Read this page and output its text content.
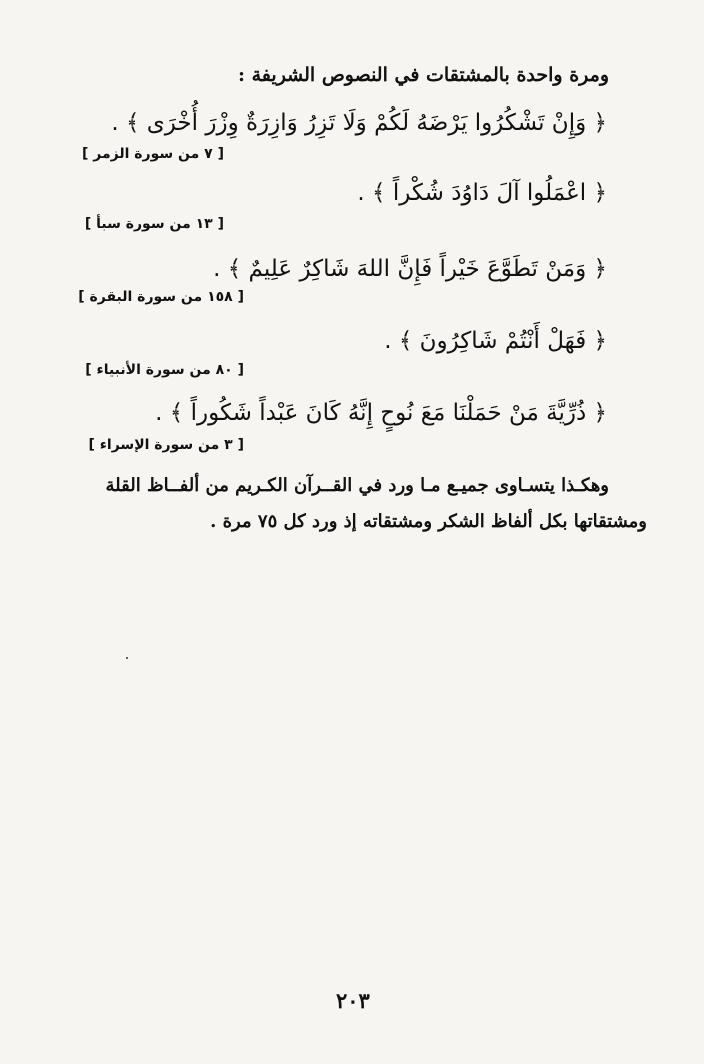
ومرة واحدة بالمشتقات في النصوص الشريفة :
﴿ وَإِنْ تَشْكُرُوا يَرْضَهُ لَكُمْ وَلَا تَزِرُ وَازِرَةٌ وِزْرَ أُخْرَى ﴾ .
[ ٧ من سورة الزمر ]
﴿ اعْمَلُوا آلَ دَاوُدَ شُكْراً ﴾ .
[ ١٣ من سورة سبأ ]
﴿ وَمَنْ تَطَوَّعَ خَيْراً فَإِنَّ اللهَ شَاكِرٌ عَلِيمٌ ﴾ .
[ ١٥٨ من سورة البقرة ]
﴿ فَهَلْ أَنْتُمْ شَاكِرُونَ ﴾ .
[ ٨٠ من سورة الأنبياء ]
﴿ ذُرِّيَّةَ مَنْ حَمَلْنَا مَعَ نُوحٍ إِنَّهُ كَانَ عَبْداً شَكُوراً ﴾ .
[ ٣ من سورة الإسراء ]
وهكـذا يتسـاوى جميـع مـا ورد في القــرآن الكـريم من ألفــاظ القلة
ومشتقاتها بكل ألفاظ الشكر ومشتقاته إذ ورد كل ٧٥ مرة .
٢٠٣
